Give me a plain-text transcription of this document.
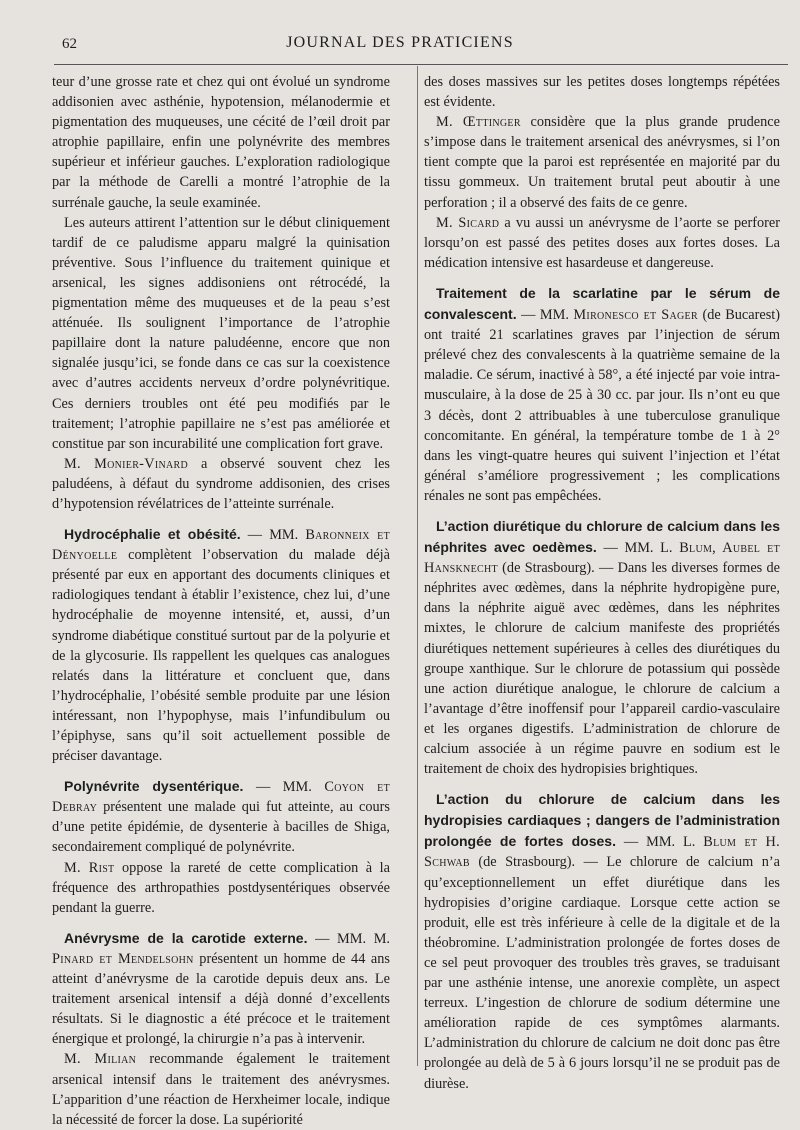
62	JOURNAL DES PRATICIENS

teur d’une grosse rate et chez qui ont évolué un syndrome addisonien avec asthénie, hypotension, mélanodermie et pigmentation des muqueuses, une cécité de l’œil droit par atrophie papillaire, enfin une polynévrite des membres supérieur et inférieur gauches. L’exploration radiologique par la méthode de Carelli a montré l’atrophie de la surrénale gauche, la seule examinée.

Les auteurs attirent l’attention sur le début cliniquement tardif de ce paludisme apparu malgré la quinisation préventive. Sous l’influence du traitement quinique et arsenical, les signes addisoniens ont rétrocédé, la pigmentation même des muqueuses et de la peau s’est atténuée. Ils soulignent l’importance de l’atrophie papillaire dont la nature paludéenne, encore que non signalée jusqu’ici, se fonde dans ce cas sur la coexistence avec d’autres accidents nerveux d’ordre polynévritique. Ces derniers troubles ont été peu modifiés par le traitement; l’atrophie papillaire ne s’est pas améliorée et constitue par son incurabilité une complication fort grave.

M. Monier-Vinard a observé souvent chez les paludéens, à défaut du syndrome addisonien, des crises d’hypotension révélatrices de l’atteinte surrénale.

Hydrocéphalie et obésité. — MM. Baronneix et Dényoelle complètent l’observation du malade déjà présenté par eux en apportant des documents cliniques et radiologiques tendant à établir l’existence, chez lui, d’une hydrocéphalie de moyenne intensité, et, aussi, d’un syndrome diabétique constitué surtout par de la polyurie et de la glycosurie. Ils rappellent les quelques cas analogues relatés dans la littérature et concluent que, dans l’hydrocéphalie, l’obésité semble produite par une lésion intéressant, non l’hypophyse, mais l’infundibulum ou l’épiphyse, sans qu’il soit actuellement possible de préciser davantage.

Polynévrite dysentérique. — MM. Coyon et Debray présentent une malade qui fut atteinte, au cours d’une petite épidémie, de dysenterie à bacilles de Shiga, secondairement compliqué de polynévrite.

M. Rist oppose la rareté de cette complication à la fréquence des arthropathies postdysentériques observée pendant la guerre.

Anévrysme de la carotide externe. — MM. M. Pinard et Mendelsohn présentent un homme de 44 ans atteint d’anévrysme de la carotide depuis deux ans. Le traitement arsenical intensif a déjà donné d’excellents résultats. Si le diagnostic a été précoce et le traitement énergique et prolongé, la chirurgie n’a pas à intervenir.

M. Milian recommande également le traitement arsenical intensif dans le traitement des anévrysmes. L’apparition d’une réaction de Herxheimer locale, indique la nécessité de forcer la dose. La supériorité

des doses massives sur les petites doses longtemps répétées est évidente.

M. Œttinger considère que la plus grande prudence s’impose dans le traitement arsenical des anévrysmes, si l’on tient compte que la paroi est représentée en majorité par du tissu gommeux. Un traitement brutal peut aboutir à une perforation ; il a observé des faits de ce genre.

M. Sicard a vu aussi un anévrysme de l’aorte se perforer lorsqu’on est passé des petites doses aux fortes doses. La médication intensive est hasardeuse et dangereuse.

Traitement de la scarlatine par le sérum de convalescent. — MM. Mironesco et Sager (de Bucarest) ont traité 21 scarlatines graves par l’injection de sérum prélevé chez des convalescents à la quatrième semaine de la maladie. Ce sérum, inactivé à 58°, a été injecté par voie intra-musculaire, à la dose de 25 à 30 cc. par jour. Ils n’ont eu que 3 décès, dont 2 attribuables à une tuberculose granulique concomitante. En général, la température tombe de 1 à 2° dans les vingt-quatre heures qui suivent l’injection et l’état général s’améliore progressivement ; les complications rénales ne sont pas empêchées.

L’action diurétique du chlorure de calcium dans les néphrites avec oedèmes. — MM. L. Blum, Aubel et Hansknecht (de Strasbourg). — Dans les diverses formes de néphrites avec œdèmes, dans la néphrite hydropigène pure, dans la néphrite aiguë avec œdèmes, dans les néphrites mixtes, le chlorure de calcium manifeste des propriétés diurétiques nettement supérieures à celles des diurétiques du groupe xanthique. Sur le chlorure de potassium qui possède une action diurétique analogue, le chlorure de calcium a l’avantage d’être inoffensif pour l’appareil cardio-vasculaire et les organes digestifs. L’administration de chlorure de calcium associée à un régime pauvre en sodium est le traitement de choix des hydropisies brightiques.

L’action du chlorure de calcium dans les hydropisies cardiaques ; dangers de l’administration prolongée de fortes doses. — MM. L. Blum et H. Schwab (de Strasbourg). — Le chlorure de calcium n’a qu’exceptionnellement un effet diurétique dans les hydropisies d’origine cardiaque. Lorsque cette action se produit, elle est très inférieure à celle de la digitale et de la théobromine. L’administration prolongée de fortes doses de ce sel peut provoquer des troubles très graves, se traduisant par une asthénie intense, une anorexie complète, un aspect terreux. L’ingestion de chlorure de sodium détermine une amélioration rapide de ces symptômes alarmants. L’administration du chlorure de calcium ne doit donc pas être prolongée au delà de 5 à 6 jours lorsqu’il ne se produit pas de diurèse.
